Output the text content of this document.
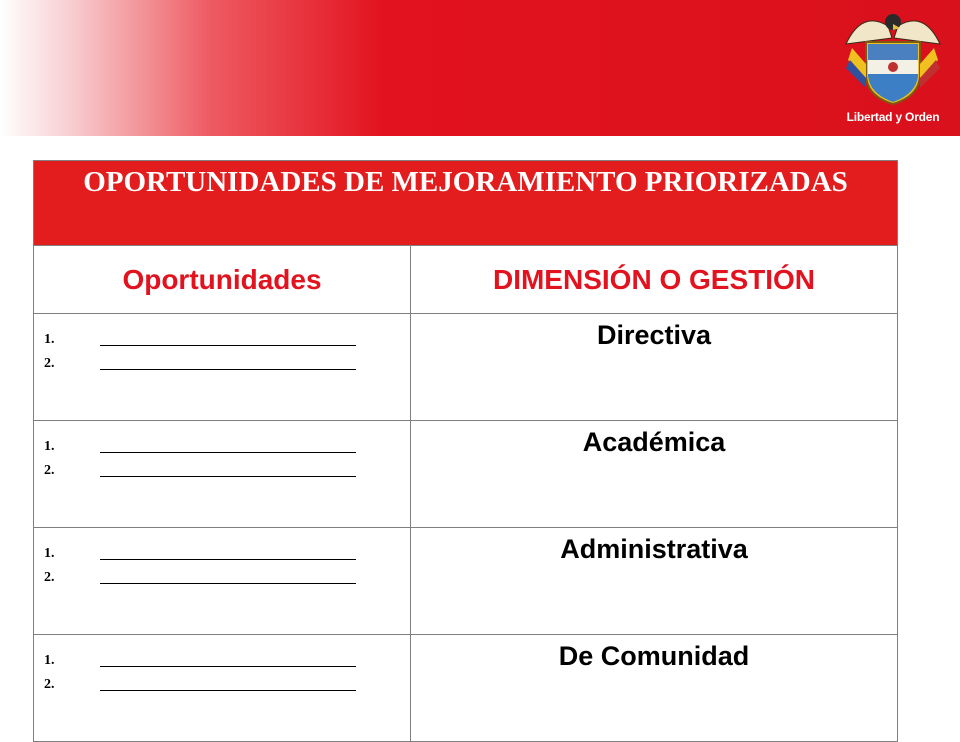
Libertad y Orden
OPORTUNIDADES DE MEJORAMIENTO PRIORIZADAS	
Oportunidades	DIMENSIÓN O GESTIÓN

1.
2.	Directiva

1.
2.	Académica

1.
2.	Administrativa

1.
2.	De Comunidad
